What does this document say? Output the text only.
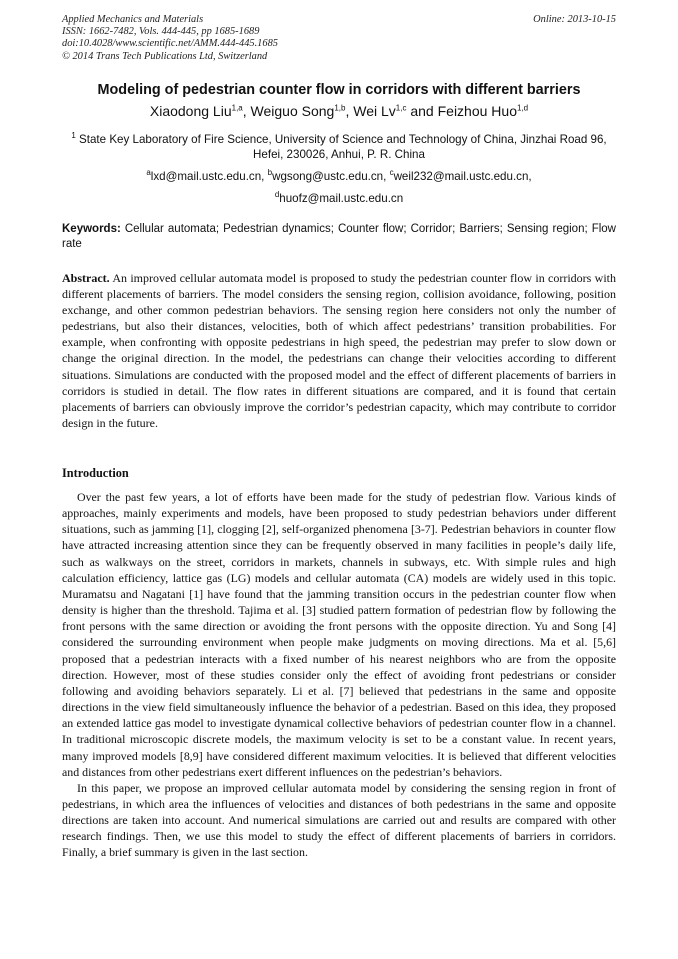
Applied Mechanics and Materials
ISSN: 1662-7482, Vols. 444-445, pp 1685-1689
doi:10.4028/www.scientific.net/AMM.444-445.1685
© 2014 Trans Tech Publications Ltd, Switzerland
Online: 2013-10-15
Modeling of pedestrian counter flow in corridors with different barriers
Xiaodong Liu$^{1,a}$, Weiguo Song$^{1,b}$, Wei Lv$^{1,c}$ and Feizhou Huo$^{1,d}$
$^1$ State Key Laboratory of Fire Science, University of Science and Technology of China, Jinzhai Road 96, Hefei, 230026, Anhui, P. R. China
$^a$lxd@mail.ustc.edu.cn, $^b$wgsong@ustc.edu.cn, $^c$weil232@mail.ustc.edu.cn,
$^d$huofz@mail.ustc.edu.cn
Keywords: Cellular automata; Pedestrian dynamics; Counter flow; Corridor; Barriers; Sensing region; Flow rate
Abstract. An improved cellular automata model is proposed to study the pedestrian counter flow in corridors with different placements of barriers. The model considers the sensing region, collision avoidance, following, position exchange, and other common pedestrian behaviors. The sensing region here considers not only the number of pedestrians, but also their distances, velocities, both of which affect pedestrians’ transition probabilities. For example, when confronting with opposite pedestrians in high speed, the pedestrian may prefer to slow down or change the original direction. In the model, the pedestrians can change their velocities according to different situations. Simulations are conducted with the proposed model and the effect of different placements of barriers in corridors is studied in detail. The flow rates in different situations are compared, and it is found that certain placements of barriers can obviously improve the corridor’s pedestrian capacity, which may contribute to corridor design in the future.
Introduction

Over the past few years, a lot of efforts have been made for the study of pedestrian flow. Various kinds of approaches, mainly experiments and models, have been proposed to study pedestrian behaviors under different situations, such as jamming [1], clogging [2], self-organized phenomena [3-7]. Pedestrian behaviors in counter flow have attracted increasing attention since they can be frequently observed in many facilities in people’s daily life, such as walkways on the street, corridors in markets, channels in subways, etc. With simple rules and high calculation efficiency, lattice gas (LG) models and cellular automata (CA) models are widely used in this topic. Muramatsu and Nagatani [1] have found that the jamming transition occurs in the pedestrian counter flow when density is higher than the threshold. Tajima et al. [3] studied pattern formation of pedestrian flow by following the front persons with the same direction or avoiding the front persons with the opposite direction. Yu and Song [4] considered the surrounding environment when people make judgments on moving directions. Ma et al. [5,6] proposed that a pedestrian interacts with a fixed number of his nearest neighbors who are from the opposite direction. However, most of these studies consider only the effect of avoiding front pedestrians or consider following and avoiding behaviors separately. Li et al. [7] believed that pedestrians in the same and opposite directions in the view field simultaneously influence the behavior of a pedestrian. Based on this idea, they proposed an extended lattice gas model to investigate dynamical collective behaviors of pedestrian counter flow in a channel. In traditional microscopic discrete models, the maximum velocity is set to be a constant value. In recent years, many improved models [8,9] have considered different maximum velocities. It is believed that different velocities and distances from other pedestrians exert different influences on the pedestrian’s behaviors.

In this paper, we propose an improved cellular automata model by considering the sensing region in front of pedestrians, in which area the influences of velocities and distances of both pedestrians in the same and opposite directions are taken into account. And numerical simulations are carried out and results are compared with other research findings. Then, we use this model to study the effect of different placements of barriers in corridors. Finally, a brief summary is given in the last section.
